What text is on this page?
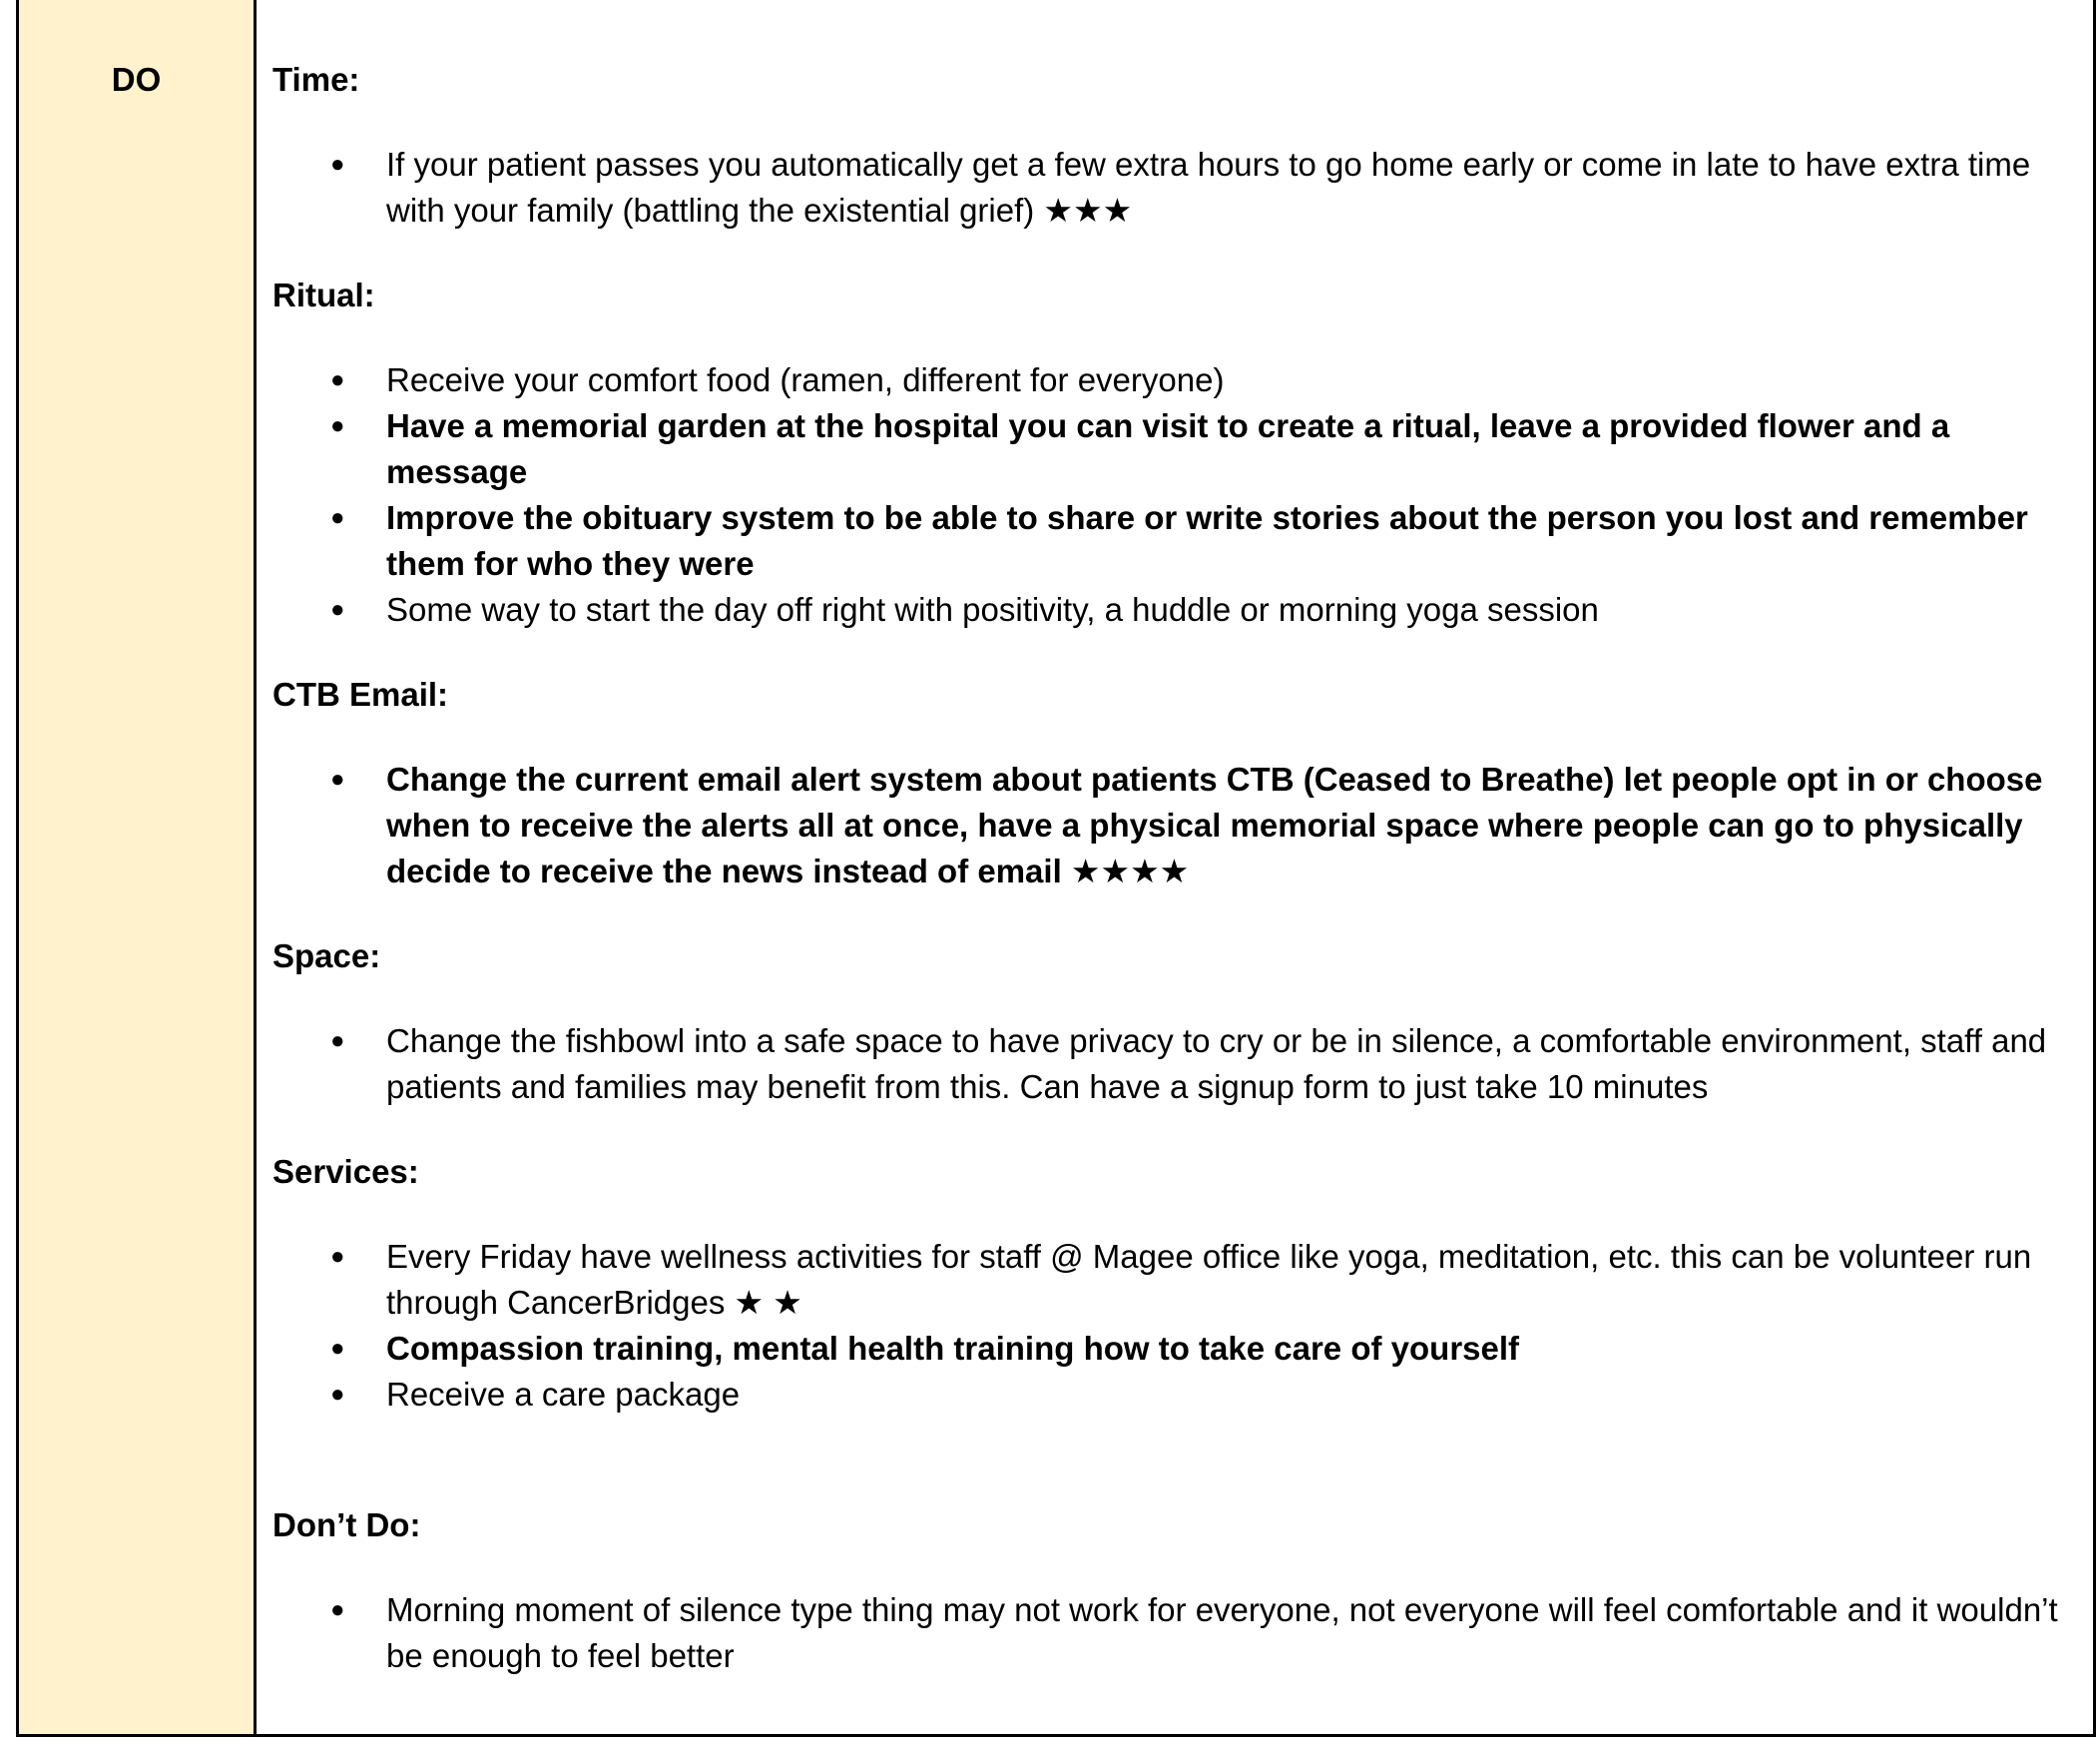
DO	Time:
● If your patient passes you automatically get a few extra hours to go home early or come in late to have extra time with your family (battling the existential grief) ★★★
Ritual:
● Receive your comfort food (ramen, different for everyone)
● Have a memorial garden at the hospital you can visit to create a ritual, leave a provided flower and a message
● Improve the obituary system to be able to share or write stories about the person you lost and remember them for who they were
● Some way to start the day off right with positivity, a huddle or morning yoga session
CTB Email:
● Change the current email alert system about patients CTB (Ceased to Breathe) let people opt in or choose when to receive the alerts all at once, have a physical memorial space where people can go to physically decide to receive the news instead of email ★★★★
Space:
● Change the fishbowl into a safe space to have privacy to cry or be in silence, a comfortable environment, staff and patients and families may benefit from this. Can have a signup form to just take 10 minutes
Services:
● Every Friday have wellness activities for staff @ Magee office like yoga, meditation, etc. this can be volunteer run through CancerBridges ★ ★
● Compassion training, mental health training how to take care of yourself
● Receive a care package
Don’t Do:
● Morning moment of silence type thing may not work for everyone, not everyone will feel comfortable and it wouldn’t be enough to feel better
